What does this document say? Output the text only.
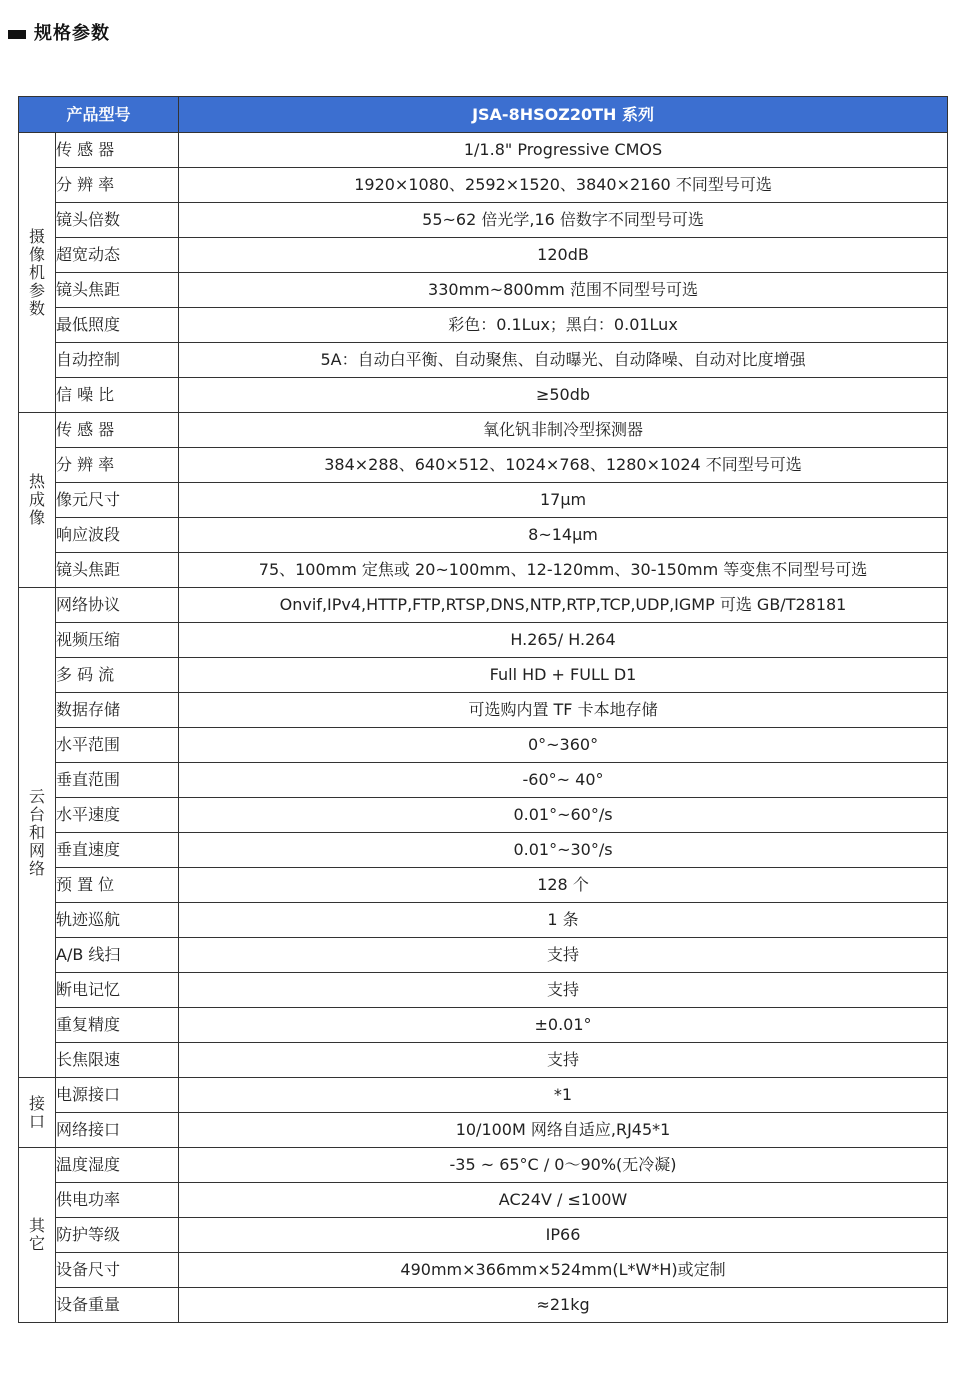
规格参数
产品型号		JSA-8HSOZ20TH 系列
摄像机参数	传 感 器	1/1.8" Progressive CMOS
	分 辨 率	1920×1080、2592×1520、3840×2160 不同型号可选
	镜头倍数	55~62 倍光学,16 倍数字不同型号可选
	超宽动态	120dB
	镜头焦距	330mm~800mm 范围不同型号可选
	最低照度	彩色：0.1Lux；黑白：0.01Lux
	自动控制	5A：自动白平衡、自动聚焦、自动曝光、自动降噪、自动对比度增强
	信 噪 比	≥50db
热成像	传 感 器	氧化钒非制冷型探测器
	分 辨 率	384×288、640×512、1024×768、1280×1024 不同型号可选
	像元尺寸	17μm
	响应波段	8~14μm
	镜头焦距	75、100mm 定焦或 20~100mm、12-120mm、30-150mm 等变焦不同型号可选
云台和网络	网络协议	Onvif,IPv4,HTTP,FTP,RTSP,DNS,NTP,RTP,TCP,UDP,IGMP 可选 GB/T28181
	视频压缩	H.265/ H.264
	多 码 流	Full HD + FULL D1
	数据存储	可选购内置 TF 卡本地存储
	水平范围	0°~360°
	垂直范围	-60°~ 40°
	水平速度	0.01°~60°/s
	垂直速度	0.01°~30°/s
	预 置 位	128 个
	轨迹巡航	1 条
	A/B 线扫	支持
	断电记忆	支持
	重复精度	±0.01°
	长焦限速	支持
接口	电源接口	*1
	网络接口	10/100M 网络自适应,RJ45*1
其它	温度湿度	-35 ~ 65°C / 0～90%(无冷凝)
	供电功率	AC24V / ≤100W
	防护等级	IP66
	设备尺寸	490mm×366mm×524mm(L*W*H)或定制
	设备重量	≈21kg
